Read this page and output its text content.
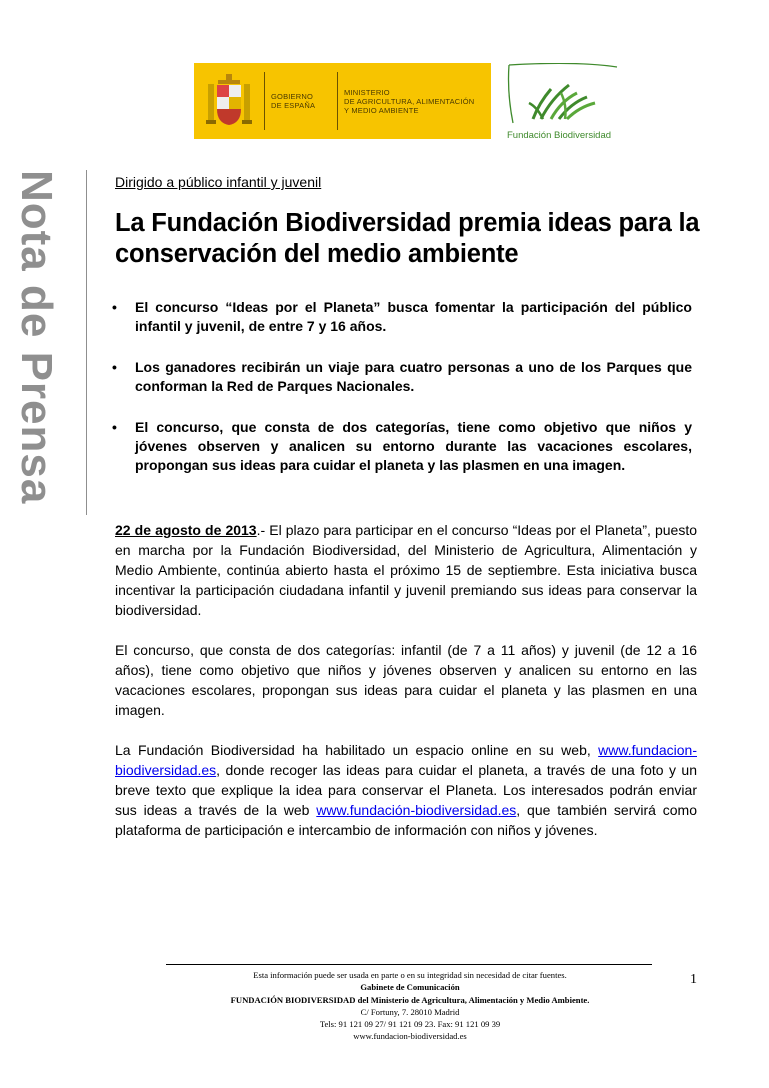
GOBIERNO
DE ESPAÑA
MINISTERIO
DE AGRICULTURA, ALIMENTACIÓN
Y MEDIO AMBIENTE
Fundación Biodiversidad
Nota de Prensa	Dirigido a público infantil y juvenil
La Fundación Biodiversidad premia ideas para la conservación del medio ambiente
• El concurso “Ideas por el Planeta” busca fomentar la participación del público infantil y juvenil, de entre 7 y 16 años.
• Los ganadores recibirán un viaje para cuatro personas a uno de los Parques que conforman la Red de Parques Nacionales.
• El concurso, que consta de dos categorías, tiene como objetivo que niños y jóvenes observen y analicen su entorno durante las vacaciones escolares, propongan sus ideas para cuidar el planeta y las plasmen en una imagen.

22 de agosto de 2013.- El plazo para participar en el concurso “Ideas por el Planeta”, puesto en marcha por la Fundación Biodiversidad, del Ministerio de Agricultura, Alimentación y Medio Ambiente, continúa abierto hasta el próximo 15 de septiembre. Esta iniciativa busca incentivar la participación ciudadana infantil y juvenil premiando sus ideas para conservar la biodiversidad.

El concurso, que consta de dos categorías: infantil (de 7 a 11 años) y juvenil (de 12 a 16 años), tiene como objetivo que niños y jóvenes observen y analicen su entorno en las vacaciones escolares, propongan sus ideas para cuidar el planeta y las plasmen en una imagen.

La Fundación Biodiversidad ha habilitado un espacio online en su web, www.fundacion-biodiversidad.es, donde recoger las ideas para cuidar el planeta, a través de una foto y un breve texto que explique la idea para conservar el Planeta. Los interesados podrán enviar sus ideas a través de la web www.fundación-biodiversidad.es, que también servirá como plataforma de participación e intercambio de información con niños y jóvenes.

Esta información puede ser usada en parte o en su integridad sin necesidad de citar fuentes.
Gabinete de Comunicación
FUNDACIÓN BIODIVERSIDAD del Ministerio de Agricultura, Alimentación y Medio Ambiente.
C/ Fortuny, 7. 28010 Madrid
Tels: 91 121 09 27/ 91 121 09 23. Fax: 91 121 09 39
www.fundacion-biodiversidad.es
1
